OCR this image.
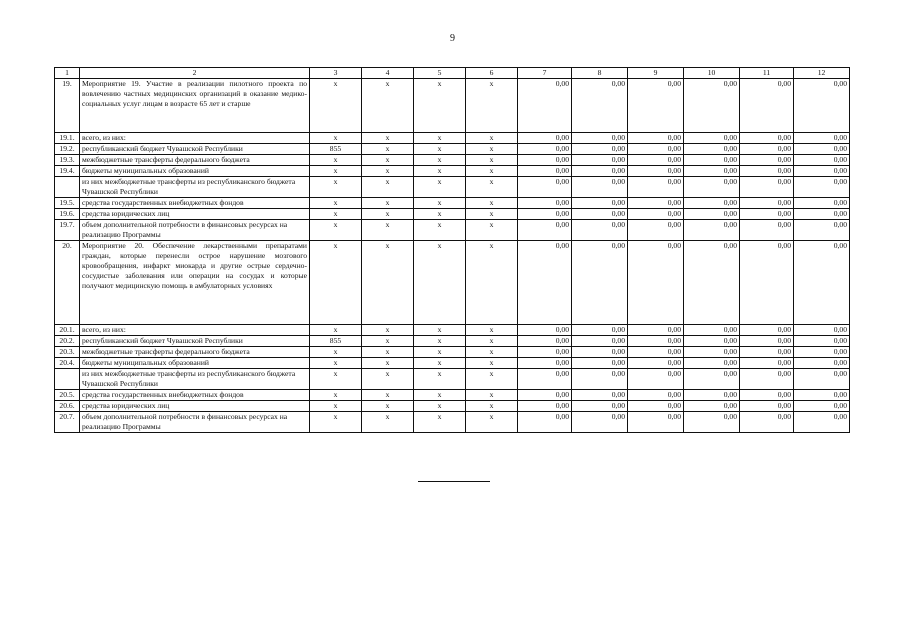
9
1	2	3	4	5	6	7	8	9	10	11	12
19.	Мероприятие 19. Участие в реализации пилотного проекта по вовлечению частных медицинских организаций в оказание медико-социальных услуг лицам в возрасте 65 лет и старше	x	x	x	x	0,00	0,00	0,00	0,00	0,00	0,00
19.1.	всего, из них:	x	x	x	x	0,00	0,00	0,00	0,00	0,00	0,00
19.2.	республиканский бюджет Чувашской Республики	855	x	x	x	0,00	0,00	0,00	0,00	0,00	0,00
19.3.	межбюджетные трансферты федерального бюджета	x	x	x	x	0,00	0,00	0,00	0,00	0,00	0,00
19.4.	бюджеты муниципальных образований	x	x	x	x	0,00	0,00	0,00	0,00	0,00	0,00
	из них межбюджетные трансферты из республиканского бюджета Чувашской Республики	x	x	x	x	0,00	0,00	0,00	0,00	0,00	0,00
19.5.	средства государственных внебюджетных фондов	x	x	x	x	0,00	0,00	0,00	0,00	0,00	0,00
19.6.	средства юридических лиц	x	x	x	x	0,00	0,00	0,00	0,00	0,00	0,00
19.7.	объем дополнительной потребности в финансовых ресурсах на реализацию Программы	x	x	x	x	0,00	0,00	0,00	0,00	0,00	0,00
20.	Мероприятие 20. Обеспечение лекарственными препаратами граждан, которые перенесли острое нарушение мозгового кровообращения, инфаркт миокарда и другие острые сердечно-сосудистые заболевания или операции на сосудах и которые получают медицинскую помощь в амбулаторных условиях	x	x	x	x	0,00	0,00	0,00	0,00	0,00	0,00
20.1.	всего, из них:	x	x	x	x	0,00	0,00	0,00	0,00	0,00	0,00
20.2.	республиканский бюджет Чувашской Республики	855	x	x	x	0,00	0,00	0,00	0,00	0,00	0,00
20.3.	межбюджетные трансферты федерального бюджета	x	x	x	x	0,00	0,00	0,00	0,00	0,00	0,00
20.4.	бюджеты муниципальных образований	x	x	x	x	0,00	0,00	0,00	0,00	0,00	0,00
	из них межбюджетные трансферты из республиканского бюджета Чувашской Республики	x	x	x	x	0,00	0,00	0,00	0,00	0,00	0,00
20.5.	средства государственных внебюджетных фондов	x	x	x	x	0,00	0,00	0,00	0,00	0,00	0,00
20.6.	средства юридических лиц	x	x	x	x	0,00	0,00	0,00	0,00	0,00	0,00
20.7.	объем дополнительной потребности в финансовых ресурсах на реализацию Программы	x	x	x	x	0,00	0,00	0,00	0,00	0,00	0,00
